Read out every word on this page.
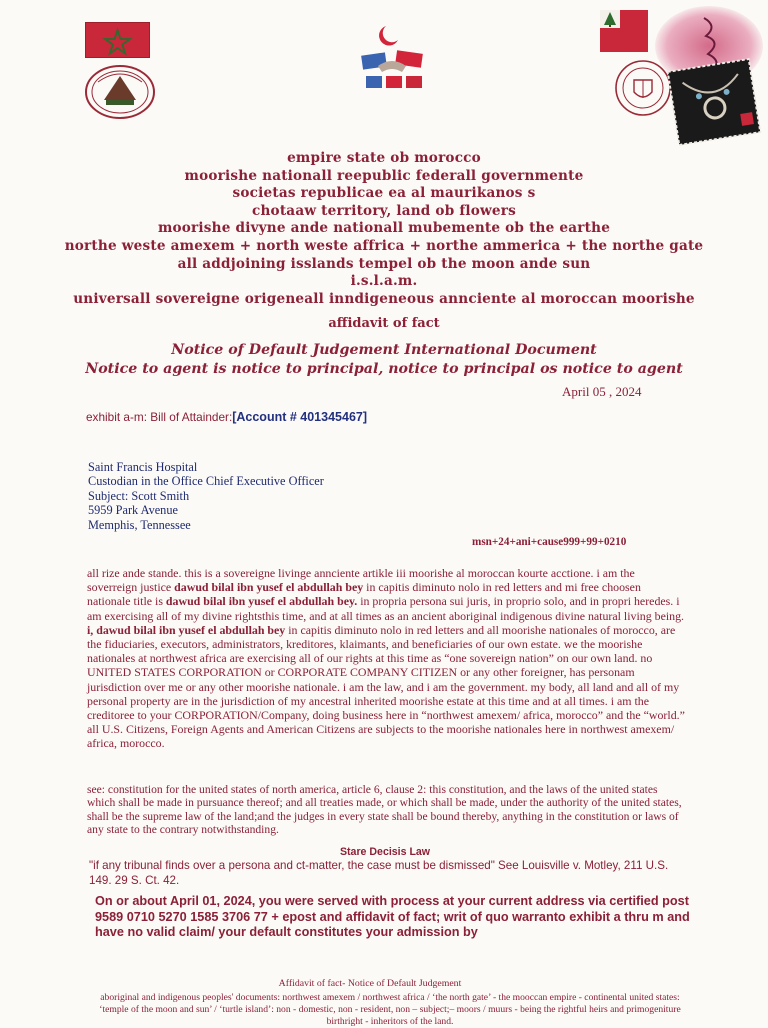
empire state ob morocco
moorishe nationall reepublic federall governmente
societas republicae ea al maurikanos s
chotaaw territory, land ob flowers
moorishe divyne ande nationall mubemente ob the earthe
northe weste amexem + north weste affrica + northe ammerica + the northe gate
all addjoining isslands tempel ob the moon ande sun
i.s.l.a.m.
universall sovereigne origeneall inndigeneous annciente al moroccan moorishe
affidavit of fact
Notice of Default Judgement International Document
Notice to agent is notice to principal, notice to principal os notice to agent
April 05 , 2024
exhibit a-m: Bill of Attainder:[Account # 401345467]
Saint Francis Hospital
Custodian in the Office Chief Executive Officer
Subject: Scott Smith
5959 Park Avenue
Memphis, Tennessee
msn+24+ani+cause999+99+0210
all rize ande stande. this is a sovereigne livinge annciente artikle iii moorishe al moroccan kourte acctione. i am the soverreign justice dawud bilal ibn yusef el abdullah bey in capitis diminuto nolo in red letters and mi free choosen nationale title is dawud bilal ibn yusef el abdullah bey. in propria persona sui juris, in proprio solo, and in propri heredes. i am exercising all of my divine rightsthis time, and at all times as an ancient aboriginal indigenous divine natural living being. i, dawud bilal ibn yusef el abdullah bey in capitis diminuto nolo in red letters and all moorishe nationales of morocco, are the fiduciaries, executors, administrators, kreditores, klaimants, and beneficiaries of our own estate. we the moorishe nationales at northwest africa are exercising all of our rights at this time as “one sovereign nation” on our own land. no UNITED STATES CORPORATION or CORPORATE COMPANY CITIZEN or any other foreigner, has personam jurisdiction over me or any other moorishe nationale. i am the law, and i am the government. my body, all land and all of my personal property are in the jurisdiction of my ancestral inherited moorishe estate at this time and at all times. i am the creditoree to your CORPORATION/Company, doing business here in “northwest amexem/ africa, morocco” and the “world.” all U.S. Citizens, Foreign Agents and American Citizens are subjects to the moorishe nationales here in northwest amexem/ africa, morocco.
see: constitution for the united states of north america, article 6, clause 2: this constitution, and the laws of the united states which shall be made in pursuance thereof; and all treaties made, or which shall be made, under the authority of the united states, shall be the supreme law of the land;and the judges in every state shall be bound thereby, anything in the constitution or laws of any state to the contrary notwithstanding.
Stare Decisis Law
"if any tribunal finds over a persona and ct-matter, the case must be dismissed" See Louisville v. Motley, 211 U.S. 149. 29 S. Ct. 42.
On or about April 01, 2024, you were served with process at your current address via certified post 9589 0710 5270 1585 3706 77 + epost and affidavit of fact; writ of quo warranto exhibit a thru m and have no valid claim/ your default constitutes your admission by
Affidavit of fact- Notice of Default Judgement
aboriginal and indigenous peoples' documents: northwest amexem / northwest africa / ‘the north gate’ - the mooccan empire - continental united states: ‘temple of the moon and sun’ / ‘turtle island’: non - domestic, non - resident, non – subject;– moors / muurs - being the rightful heirs and primogeniture birthright - inheritors of the land.
